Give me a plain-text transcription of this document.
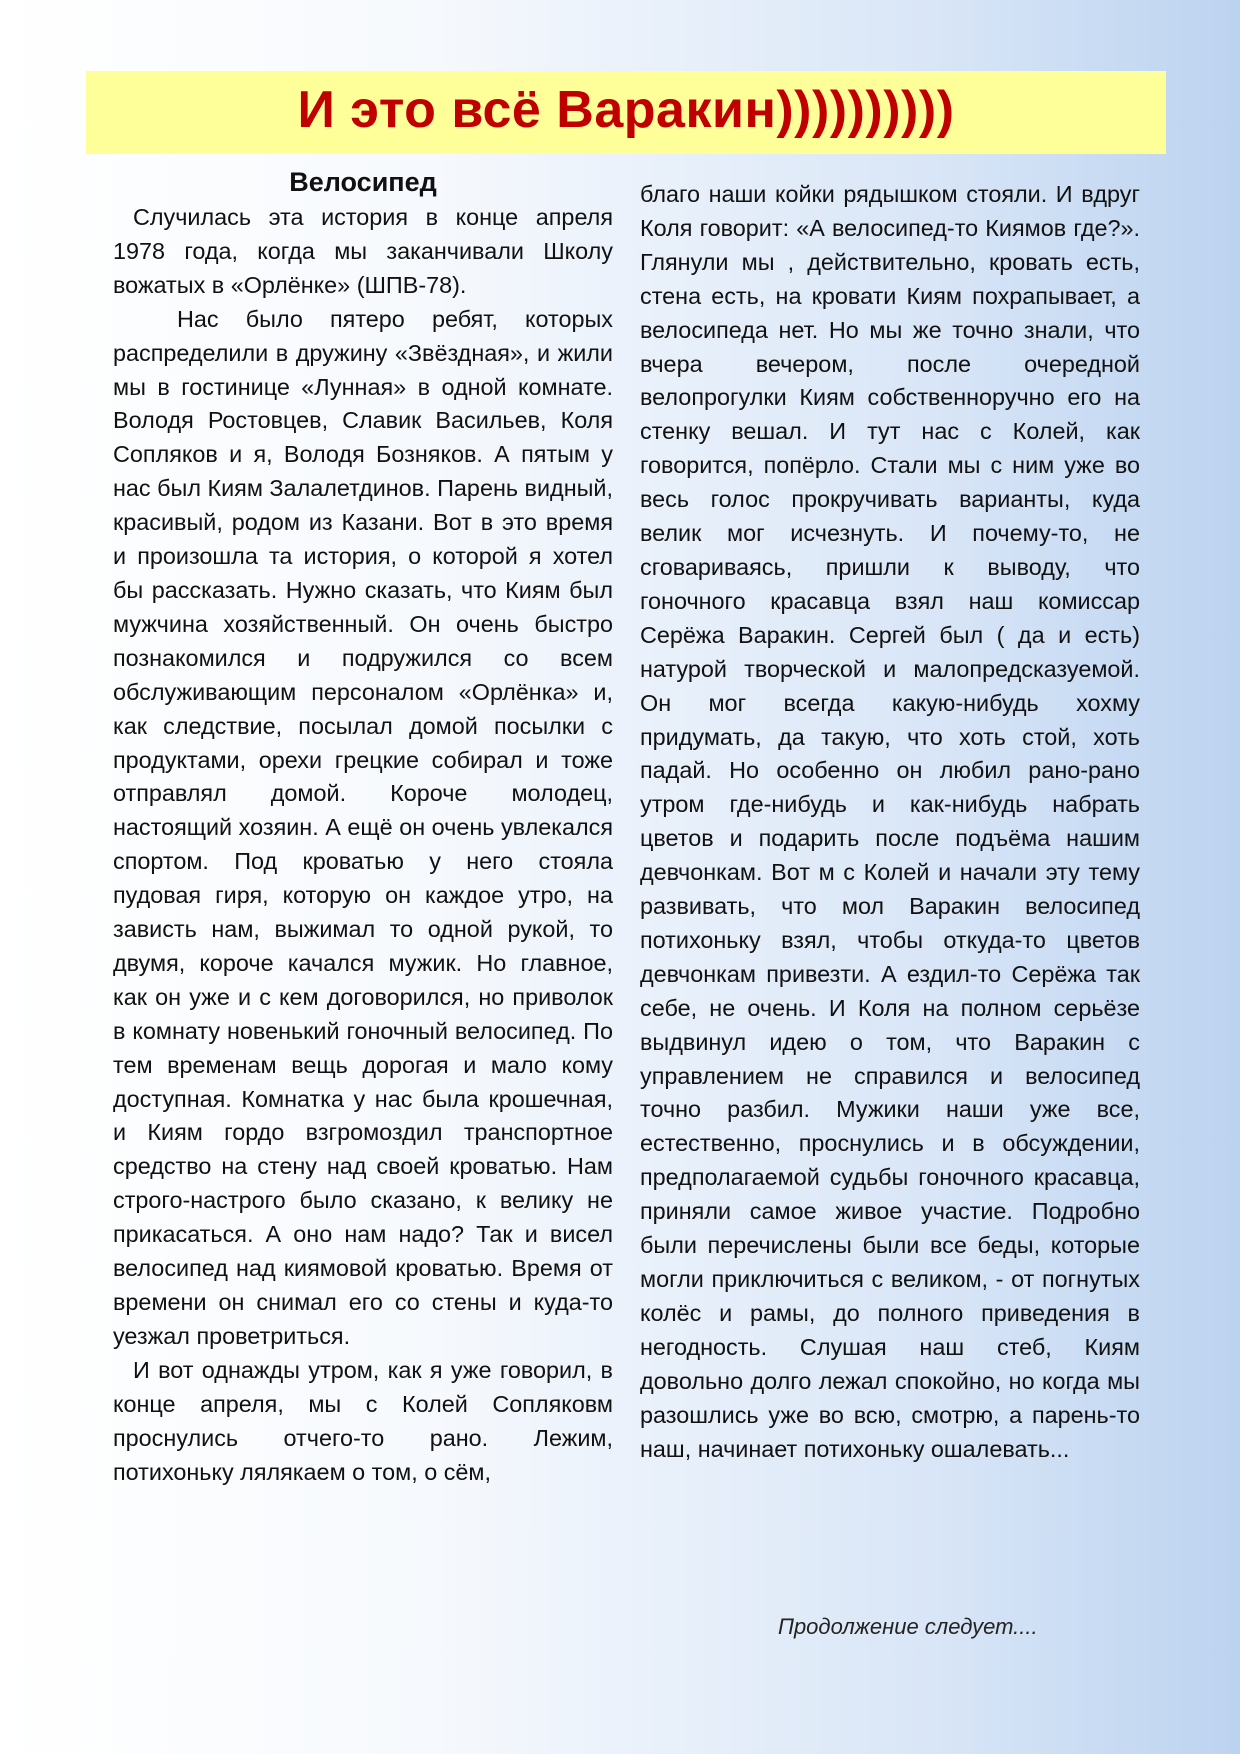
И это всё Варакин))))))))))

Велосипед

Случилась эта история в конце апреля 1978 года, когда мы заканчивали Школу вожатых в «Орлёнке» (ШПВ-78).

Нас было пятеро ребят, которых распределили в дружину «Звёздная», и жили мы в гостинице «Лунная» в одной комнате. Володя Ростовцев, Славик Васильев, Коля Сопляков и я, Володя Бозняков. А пятым у нас был Киям Залалетдинов. Парень видный, красивый, родом из Казани. Вот в это время и произошла та история, о которой я хотел бы рассказать. Нужно сказать, что Киям был мужчина хозяйственный. Он очень быстро познакомился и подружился со всем обслуживающим персоналом «Орлёнка» и, как следствие, посылал домой посылки с продуктами, орехи грецкие собирал и тоже отправлял домой. Короче молодец, настоящий хозяин. А ещё он очень увлекался спортом. Под кроватью у него стояла пудовая гиря, которую он каждое утро, на зависть нам, выжимал то одной рукой, то двумя, короче качался мужик. Но главное, как он уже и с кем договорился, но приволок в комнату новенький гоночный велосипед. По тем временам вещь дорогая и мало кому доступная. Комнатка у нас была крошечная, и Киям гордо взгромоздил транспортное средство на стену над своей кроватью. Нам строго-настрого было сказано, к велику не прикасаться. А оно нам надо? Так и висел велосипед над киямовой кроватью. Время от времени он снимал его со стены и куда-то уезжал проветриться.

И вот однажды утром, как я уже говорил, в конце апреля, мы с Колей Сопляковм проснулись отчего-то рано. Лежим, потихоньку лялякаем о том, о сём,

благо наши койки рядышком стояли. И вдруг Коля говорит: «А велосипед-то Киямов где?». Глянули мы , действительно, кровать есть, стена есть, на кровати Киям похрапывает, а велосипеда нет. Но мы же точно знали, что вчера вечером, после очередной велопрогулки Киям собственноручно его на стенку вешал. И тут нас с Колей, как говорится, попёрло. Стали мы с ним уже во весь голос прокручивать варианты, куда велик мог исчезнуть. И почему-то, не сговариваясь, пришли к выводу, что гоночного красавца взял наш комиссар Серёжа Варакин. Сергей был ( да и есть) натурой творческой и малопредсказуемой. Он мог всегда какую-нибудь хохму придумать, да такую, что хоть стой, хоть падай. Но особенно он любил рано-рано утром где-нибудь и как-нибудь набрать цветов и подарить после подъёма нашим девчонкам. Вот м с Колей и начали эту тему развивать, что мол Варакин велосипед потихоньку взял, чтобы откуда-то цветов девчонкам привезти. А ездил-то Серёжа так себе, не очень. И Коля на полном серьёзе выдвинул идею о том, что Варакин с управлением не справился и велосипед точно разбил. Мужики наши уже все, естественно, проснулись и в обсуждении, предполагаемой судьбы гоночного красавца, приняли самое живое участие. Подробно были перечислены были все беды, которые могли приключиться с великом, - от погнутых колёс и рамы, до полного приведения в негодность. Слушая наш стеб, Киям довольно долго лежал спокойно, но когда мы разошлись уже во всю, смотрю, а парень-то наш, начинает потихоньку ошалевать...

Продолжение следует....
